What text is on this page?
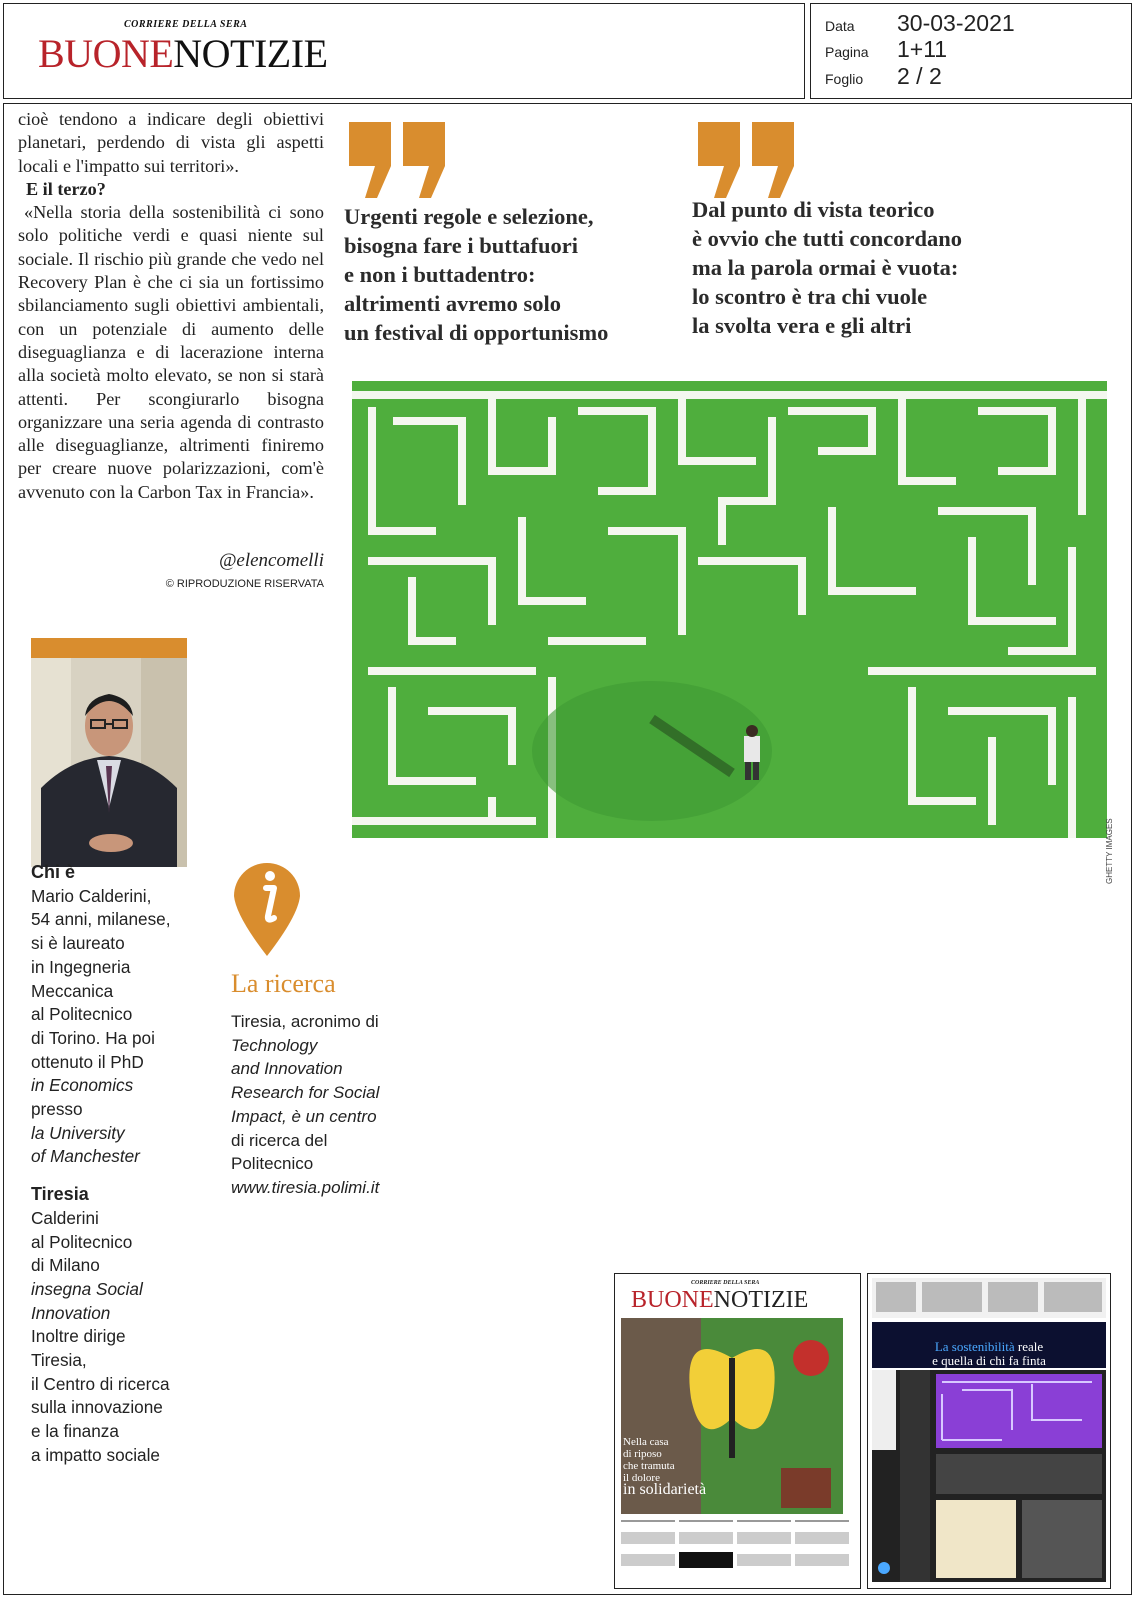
CORRIERE DELLA SERA
BUONENOTIZIE
Data 30-03-2021
Pagina 1+11
Foglio 2 / 2

cioè tendono a indicare degli obiettivi planetari, perdendo di vista gli aspetti locali e l'impatto sui territori».

E il terzo?

«Nella storia della sostenibilità ci sono solo politiche verdi e quasi niente sul sociale. Il rischio più grande che vedo nel Recovery Plan è che ci sia un fortissimo sbilanciamento sugli obiettivi ambientali, con un potenziale di aumento delle diseguaglianza e di lacerazione interna alla società molto elevato, se non si starà attenti. Per scongiurarlo bisogna organizzare una seria agenda di contrasto alle diseguaglianze, altrimenti finiremo per creare nuove polarizzazioni, com'è avvenuto con la Carbon Tax in Francia».

@elencomelli
© RIPRODUZIONE RISERVATA
Urgenti regole e selezione,
bisogna fare i buttafuori
e non i buttadentro:
altrimenti avremo solo
un festival di opportunismo
Dal punto di vista teorico
è ovvio che tutti concordano
ma la parola ormai è vuota:
lo scontro è tra chi vuole
la svolta vera e gli altri
GHETTY IMAGES
Chi è
Mario Calderini,
54 anni, milanese,
si è laureato
in Ingegneria
Meccanica
al Politecnico
di Torino. Ha poi
ottenuto il PhD
in Economics
presso
la University
of Manchester
Tiresia
Calderini
al Politecnico
di Milano
insegna Social
Innovation
Inoltre dirige
Tiresia,
il Centro di ricerca
sulla innovazione
e la finanza
a impatto sociale
La ricerca
Tiresia, acronimo di
Technology
and Innovation
Research for Social
Impact, è un centro
di ricerca del
Politecnico
www.tiresia.polimi.it
CORRIERE DELLA SERA
BUONENOTIZIE
Nella casa
di riposo
che tramuta
il dolore
in solidarietà
La sostenibilità reale
e quella di chi fa finta
